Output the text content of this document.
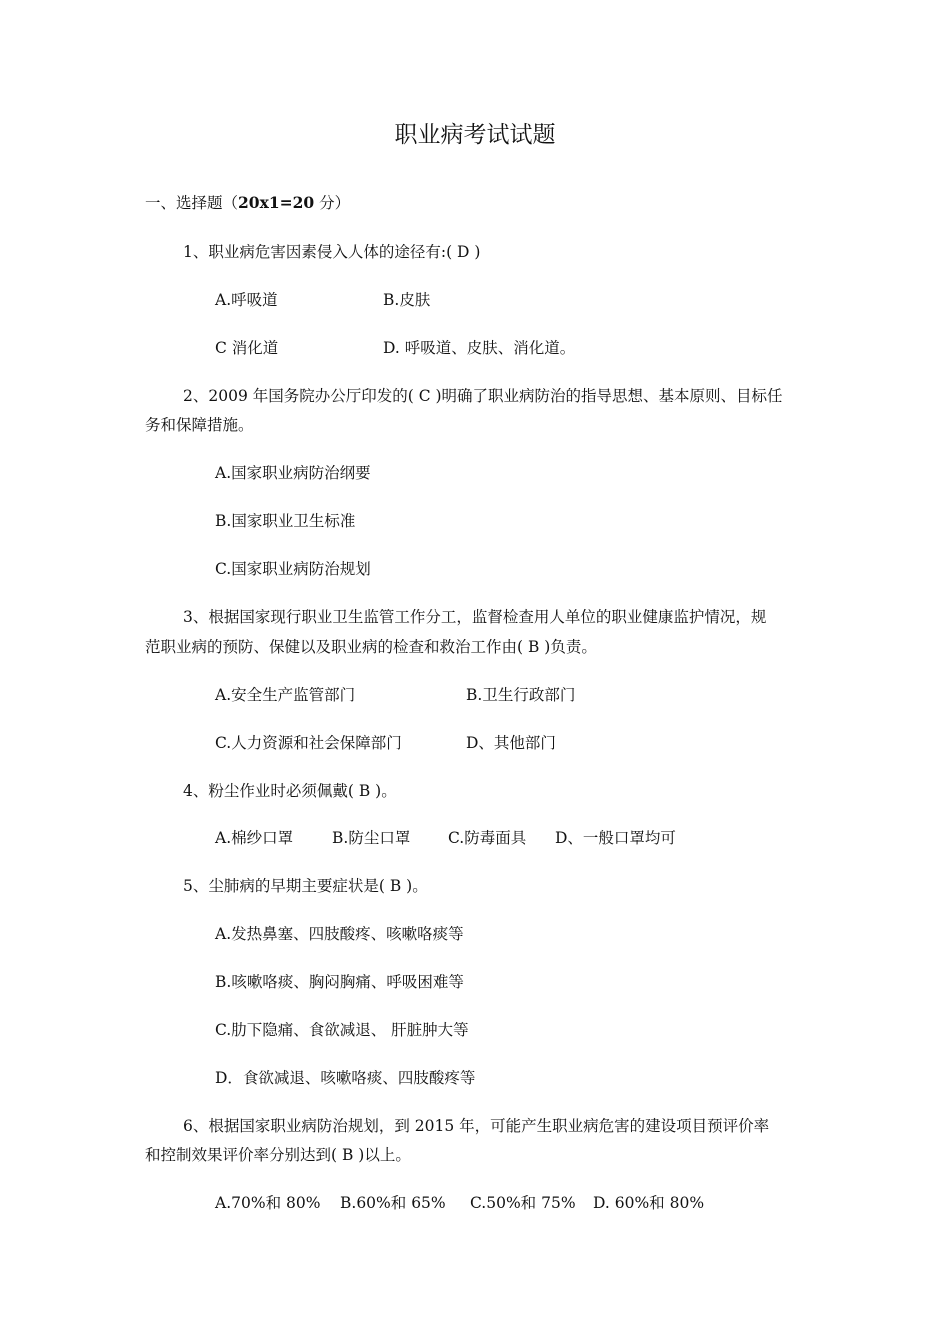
职业病考试试题
一、选择题（20x1=20 分）
1、职业病危害因素侵入人体的途径有:( D )
A.呼吸道	B.皮肤
C 消化道	D. 呼吸道、皮肤、消化道。
2、2009 年国务院办公厅印发的( C )明确了职业病防治的指导思想、基本原则、目标任
务和保障措施。
A.国家职业病防治纲要
B.国家职业卫生标准
C.国家职业病防治规划
3、根据国家现行职业卫生监管工作分工，监督检查用人单位的职业健康监护情况，规
范职业病的预防、保健以及职业病的检查和救治工作由( B )负责。
A.安全生产监管部门	B.卫生行政部门
C.人力资源和社会保障部门	D、其他部门
4、粉尘作业时必须佩戴( B )。
A.棉纱口罩	B.防尘口罩 C.防毒面具 D、一般口罩均可
5、尘肺病的早期主要症状是( B )。
A.发热鼻塞、四肢酸疼、咳嗽咯痰等
B.咳嗽咯痰、胸闷胸痛、呼吸困难等
C.肋下隐痛、食欲减退、 肝脏肿大等
D．食欲减退、咳嗽咯痰、四肢酸疼等
6、根据国家职业病防治规划，到 2015 年，可能产生职业病危害的建设项目预评价率
和控制效果评价率分别达到( B )以上。
A.70%和 80% B.60%和 65% C.50%和 75% D. 60%和 80%
